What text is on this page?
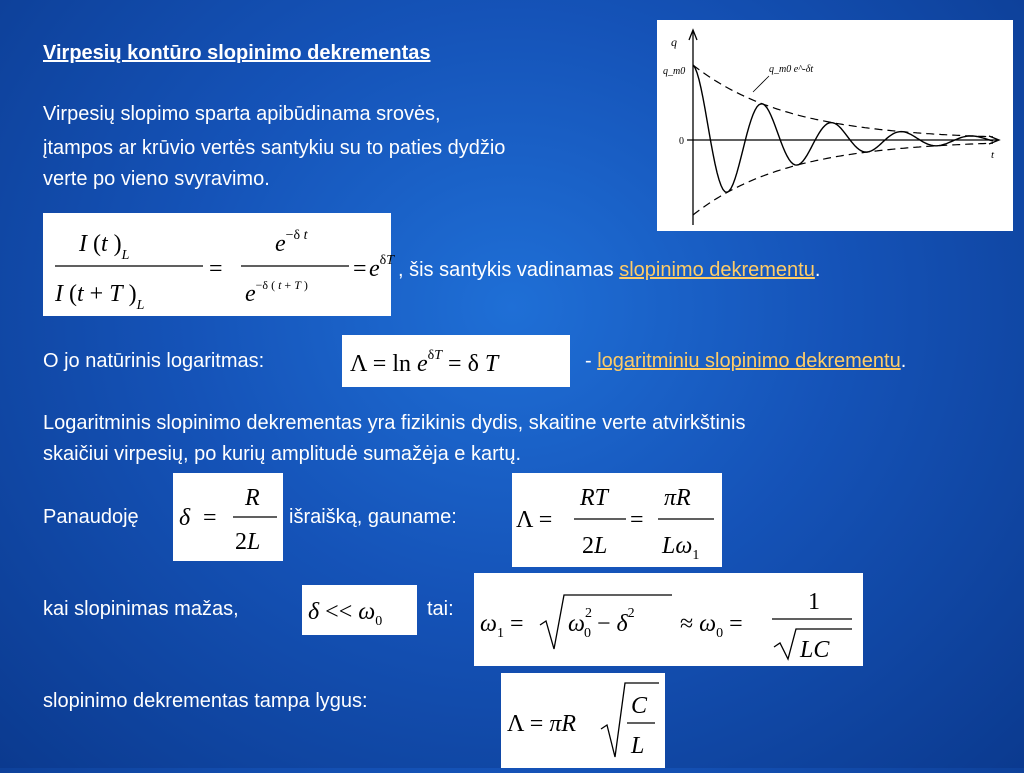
Virpesių kontūro slopinimo dekrementas

Virpesių slopimo sparta apibūdinama srovės,

įtampos ar krūvio vertės santykiu su to paties dydžio

verte po vieno svyravimo.

q
q_m0
0
t
q_m0 e^-δt
I (t )$_L$
I (t + T )$_L$
=
$e^{-\delta t}$
$e^{-\delta ( t + T )}$
= $e^{\delta T}$ , šis santykis vadinamas slopinimo dekrementu.

O jo natūrinis logaritmas:	$\Lambda = \ln e^{\delta T} = \delta$ T	- logaritminiu slopinimo dekrementu.

Logaritminis slopinimo dekrementas yra fizikinis dydis, skaitine verte atvirkštinis

skaičiui virpesių, po kurių amplitudė sumažėja e kartų.

Panaudoję δ =
R
2L

išraišką, gauname: Λ =
RT
2L
=
πR
$L\omega_1$

kai slopinimas mažas,	$\delta << \omega_0$

tai:

$\omega_1 = \omega^2$ $0 - \delta^2 \approx \omega_0$ =
1
LC

slopinimo dekrementas tampa lygus:

Λ = πR
C
L
